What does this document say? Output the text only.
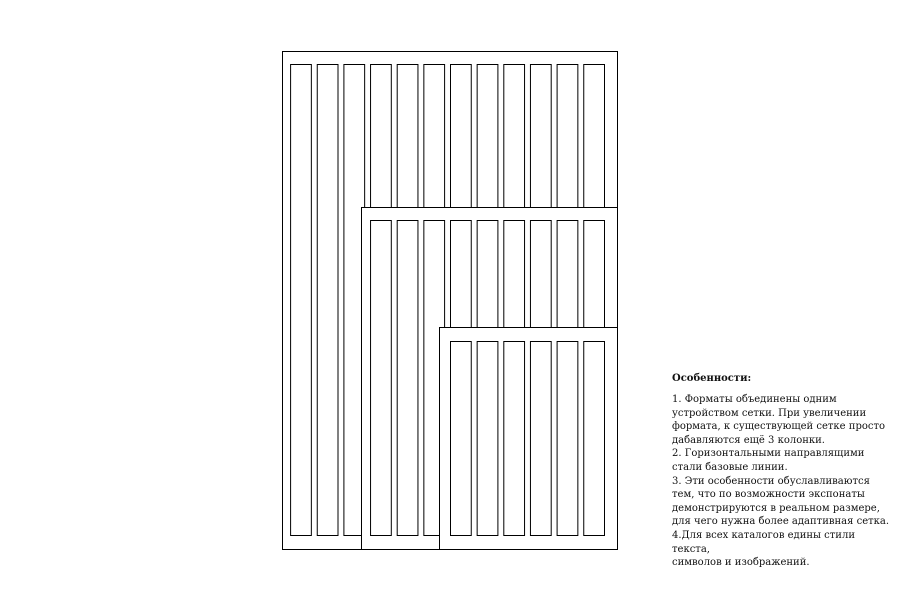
Особенности:
1. Форматы объединены одним
устройством сетки. При увеличении
формата, к существующей сетке просто
дабавляются ещё 3 колонки.
2. Горизонтальными направлящими
стали базовые линии.
3. Эти особенности обуславливаются
тем, что по возможности экспонаты
демонстрируются в реальном размере,
для чего нужна более адаптивная сетка.
4.Для всех каталогов едины стили текста,
символов и изображений.
